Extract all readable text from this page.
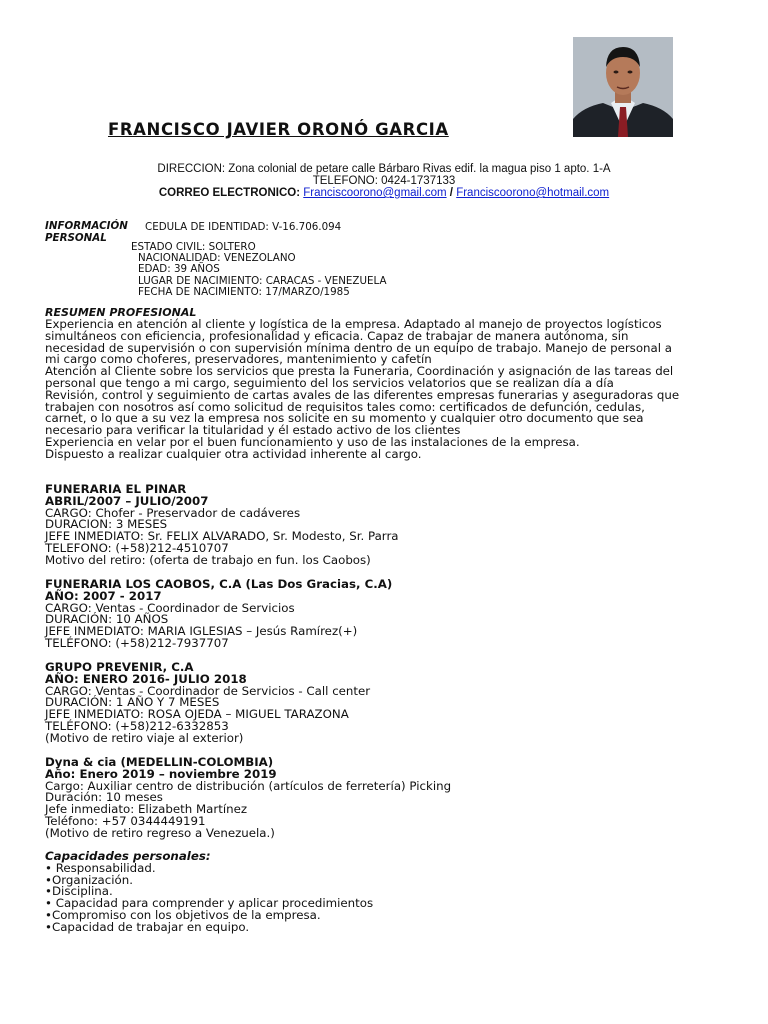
FRANCISCO JAVIER ORONÓ GARCIA
DIRECCION: Zona colonial de petare calle Bárbaro Rivas edif. la magua piso 1 apto. 1-A
TELEFONO: 0424-1737133
CORREO ELECTRONICO: Franciscoorono@gmail.com / Franciscoorono@hotmail.com
INFORMACIÓN
PERSONAL
CEDULA DE IDENTIDAD: V-16.706.094
ESTADO CIVIL: SOLTERO
NACIONALIDAD: VENEZOLANO
EDAD: 39 AÑOS
LUGAR DE NACIMIENTO: CARACAS - VENEZUELA
FECHA DE NACIMIENTO: 17/MARZO/1985
RESUMEN PROFESIONAL
Experiencia en atención al cliente y logística de la empresa. Adaptado al manejo de proyectos logísticos
simultáneos con eficiencia, profesionalidad y eficacia. Capaz de trabajar de manera autónoma, sin
necesidad de supervisión o con supervisión mínima dentro de un equipo de trabajo. Manejo de personal a
mi cargo como choferes, preservadores, mantenimiento y cafetín
Atención al Cliente sobre los servicios que presta la Funeraria, Coordinación y asignación de las tareas del
personal que tengo a mi cargo, seguimiento del los servicios velatorios que se realizan día a día
Revisión, control y seguimiento de cartas avales de las diferentes empresas funerarias y aseguradoras que
trabajen con nosotros así como solicitud de requisitos tales como: certificados de defunción, cedulas,
carnet, o lo que a su vez la empresa nos solicite en su momento y cualquier otro documento que sea
necesario para verificar la titularidad y él estado activo de los clientes
Experiencia en velar por el buen funcionamiento y uso de las instalaciones de la empresa.
Dispuesto a realizar cualquier otra actividad inherente al cargo.
FUNERARIA EL PINAR
ABRIL/2007 – JULIO/2007
CARGO: Chofer - Preservador de cadáveres
DURACION: 3 MESES
JEFE INMEDIATO: Sr. FELIX ALVARADO, Sr. Modesto, Sr. Parra
TELEFONO: (+58)212-4510707
Motivo del retiro: (oferta de trabajo en fun. los Caobos)
FUNERARIA LOS CAOBOS, C.A (Las Dos Gracias, C.A)
AÑO: 2007 - 2017
CARGO: Ventas - Coordinador de Servicios
DURACIÓN: 10 AÑOS
JEFE INMEDIATO: MARIA IGLESIAS – Jesús Ramírez(+)
TELÉFONO: (+58)212-7937707
GRUPO PREVENIR, C.A
AÑO: ENERO 2016- JULIO 2018
CARGO: Ventas - Coordinador de Servicios - Call center
DURACIÓN: 1 AÑO Y 7 MESES
JEFE INMEDIATO: ROSA OJEDA – MIGUEL TARAZONA
TELÉFONO: (+58)212-6332853
(Motivo de retiro viaje al exterior)
Dyna & cia (MEDELLIN-COLOMBIA)
Año: Enero 2019 – noviembre 2019
Cargo: Auxiliar centro de distribución (artículos de ferretería) Picking
Duración: 10 meses
Jefe inmediato: Elizabeth Martínez
Teléfono: +57 0344449191
(Motivo de retiro regreso a Venezuela.)
Capacidades personales:
• Responsabilidad.
•Organización.
•Disciplina.
• Capacidad para comprender y aplicar procedimientos
•Compromiso con los objetivos de la empresa.
•Capacidad de trabajar en equipo.
